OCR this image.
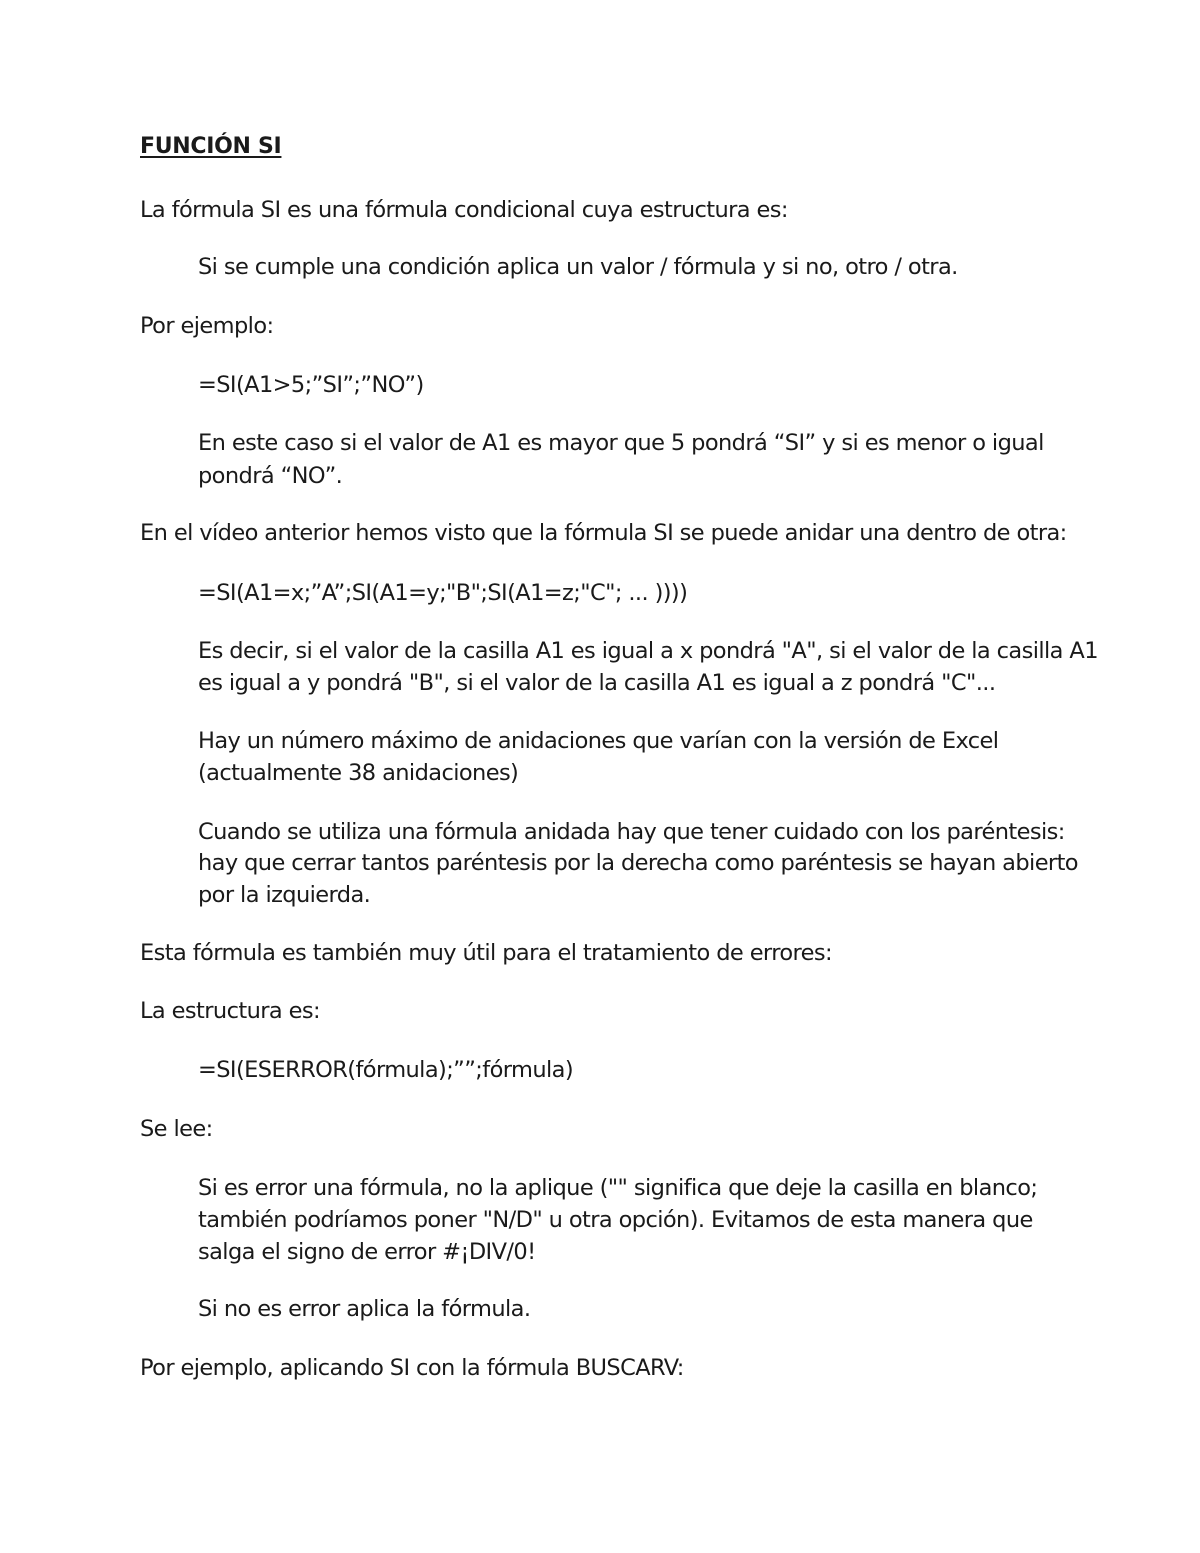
FUNCIÓN SI

La fórmula SI es una fórmula condicional cuya estructura es:

Si se cumple una condición aplica un valor / fórmula y si no, otro / otra.

Por ejemplo:

=SI(A1>5;”SI”;”NO”)

En este caso si el valor de A1 es mayor que 5 pondrá “SI” y si es menor o igual

pondrá “NO”.

En el vídeo anterior hemos visto que la fórmula SI se puede anidar una dentro de otra:

=SI(A1=x;”A”;SI(A1=y;"B";SI(A1=z;"C"; ... ))))

Es decir, si el valor de la casilla A1 es igual a x pondrá "A", si el valor de la casilla A1

es igual a y pondrá "B", si el valor de la casilla A1 es igual a z pondrá "C"...

Hay un número máximo de anidaciones que varían con la versión de Excel

(actualmente 38 anidaciones)

Cuando se utiliza una fórmula anidada hay que tener cuidado con los paréntesis:

hay que cerrar tantos paréntesis por la derecha como paréntesis se hayan abierto

por la izquierda.

Esta fórmula es también muy útil para el tratamiento de errores:

La estructura es:

=SI(ESERROR(fórmula);””;fórmula)

Se lee:

Si es error una fórmula, no la aplique ("" significa que deje la casilla en blanco;

también podríamos poner "N/D" u otra opción). Evitamos de esta manera que

salga el signo de error #¡DIV/0!

Si no es error aplica la fórmula.

Por ejemplo, aplicando SI con la fórmula BUSCARV:
